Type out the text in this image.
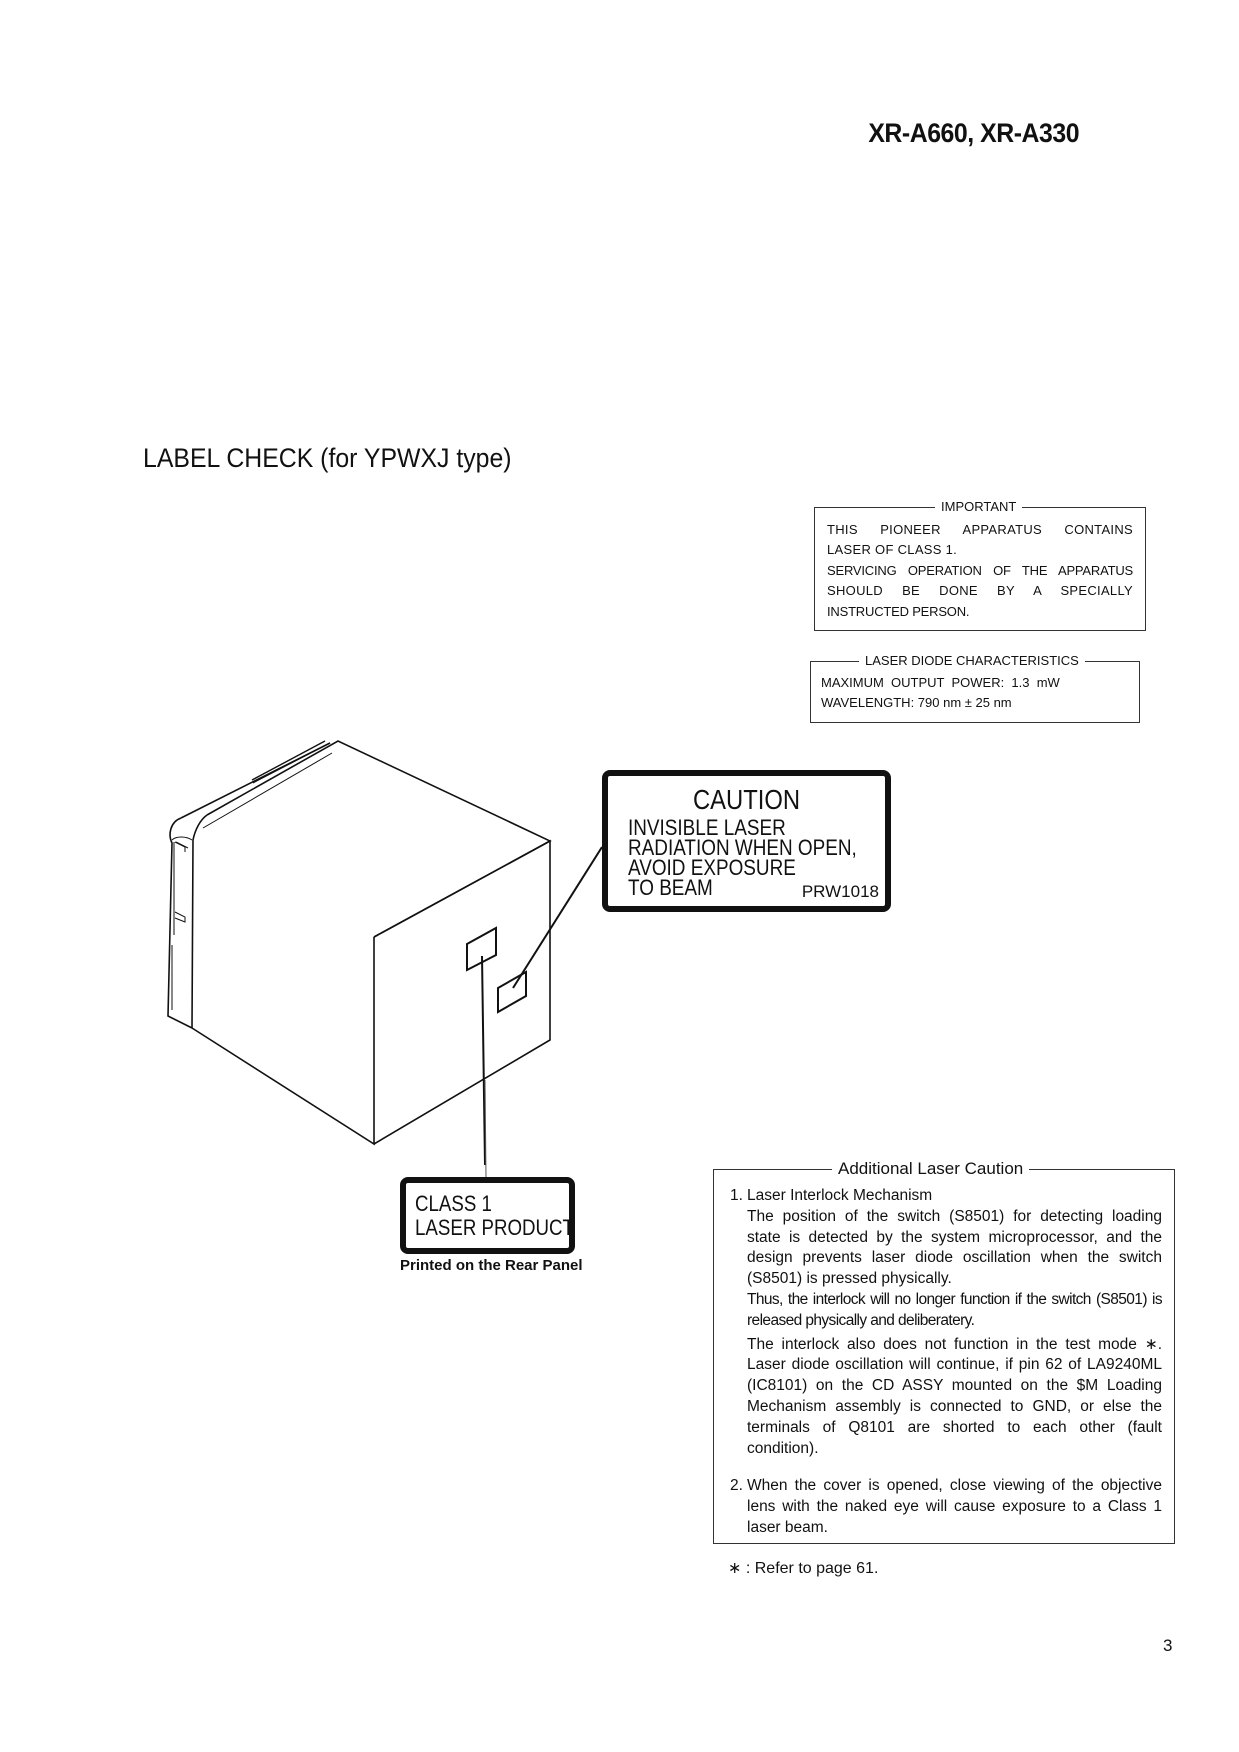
XR-A660, XR-A330
LABEL CHECK (for YPWXJ type)
IMPORTANT
THIS PIONEER APPARATUS CONTAINS
LASER OF CLASS 1.
SERVICING OPERATION OF THE APPARATUS
SHOULD BE DONE BY A SPECIALLY
INSTRUCTED PERSON.
LASER DIODE CHARACTERISTICS
MAXIMUM  OUTPUT  POWER:  1.3  mW
WAVELENGTH: 790 nm ± 25 nm
CAUTION
INVISIBLE LASER
RADIATION WHEN OPEN,
AVOID EXPOSURE
TO BEAM	PRW1018
CLASS 1
LASER PRODUCT
Printed on the Rear Panel
Additional Laser Caution
1. Laser Interlock Mechanism

The position of the switch (S8501) for detecting loading state is detected by the system microprocessor, and the design prevents laser diode oscillation when the switch (S8501) is pressed physically.

Thus, the interlock will no longer function if the switch (S8501) is released physically and deliberatery.

The interlock also does not function in the test mode ∗. Laser diode oscillation will continue, if pin 62 of LA9240ML (IC8101) on the CD ASSY mounted on the $M Loading Mechanism assembly is connected to GND, or else the terminals of Q8101 are shorted to each other (fault condition).

2. When the cover is opened, close viewing of the objective lens with the naked eye will cause exposure to a Class 1 laser beam.

∗ : Refer to page 61.
3
